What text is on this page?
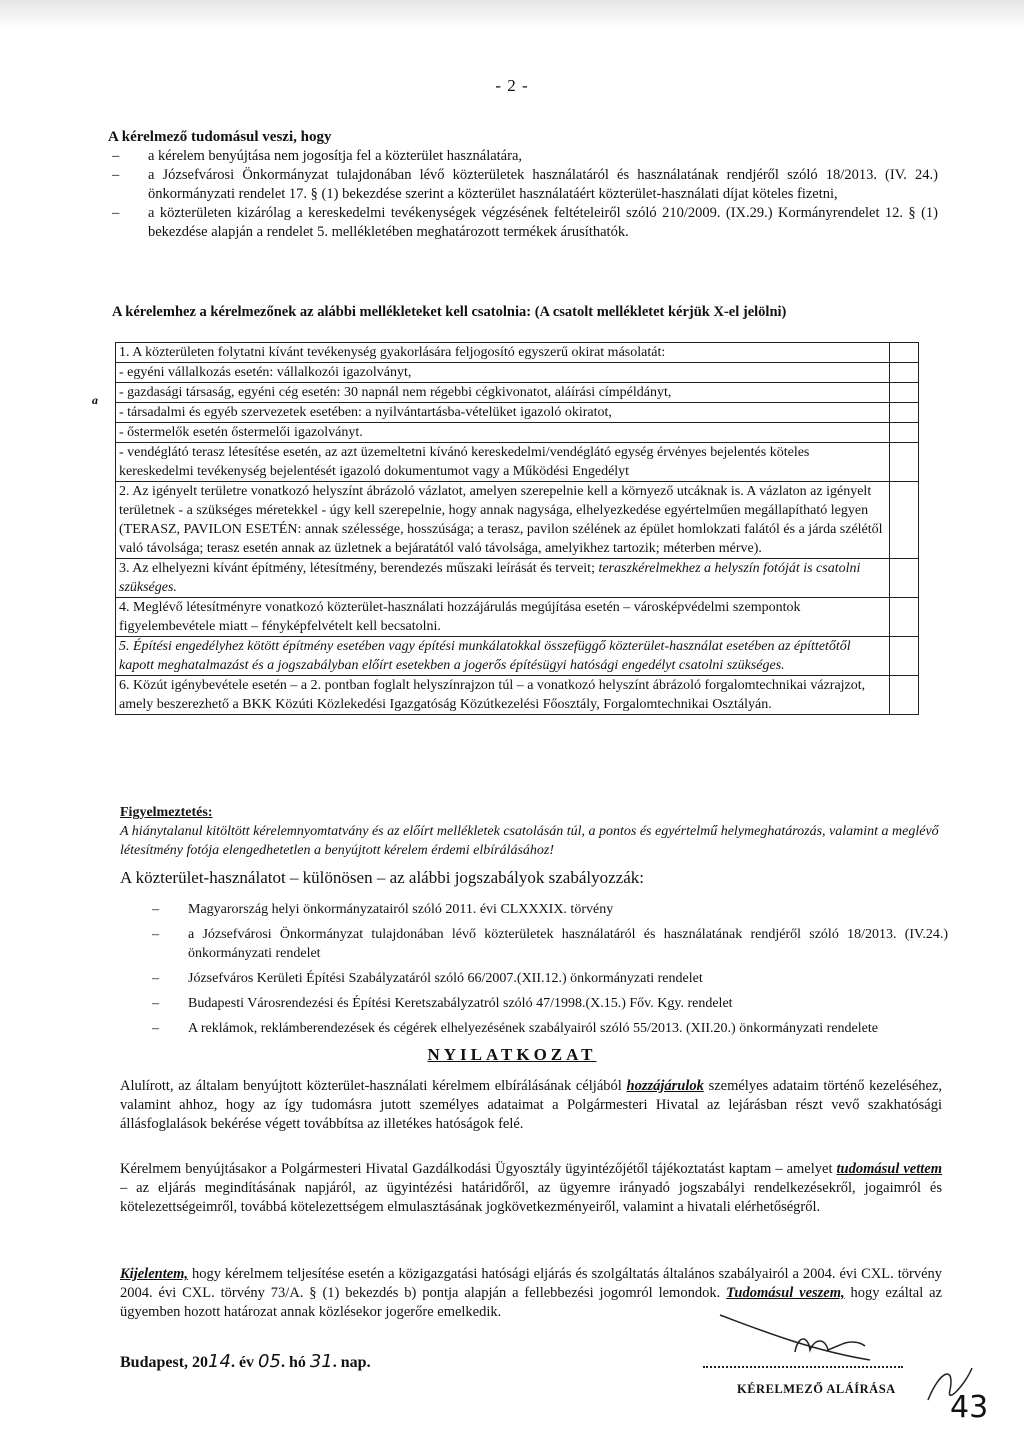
- 2 -
A kérelmező tudomásul veszi, hogy
– a kérelem benyújtása nem jogosítja fel a közterület használatára,
– a Józsefvárosi Önkormányzat tulajdonában lévő közterületek használatáról és használatának rendjéről szóló 18/2013. (IV. 24.) önkormányzati rendelet 17. § (1) bekezdése szerint a közterület használatáért közterület-használati díjat köteles fizetni,
– a közterületen kizárólag a kereskedelmi tevékenységek végzésének feltételeiről szóló 210/2009. (IX.29.) Kormányrendelet 12. § (1) bekezdése alapján a rendelet 5. mellékletében meghatározott termékek árusíthatók.
A kérelemhez a kérelmezőnek az alábbi mellékleteket kell csatolnia: (A csatolt mellékletet kérjük X-el jelölni)
a
1. A közterületen folytatni kívánt tevékenység gyakorlására feljogosító egyszerű okirat másolatát:	
- egyéni vállalkozás esetén: vállalkozói igazolványt,	
- gazdasági társaság, egyéni cég esetén: 30 napnál nem régebbi cégkivonatot, aláírási címpéldányt,	
- társadalmi és egyéb szervezetek esetében: a nyilvántartásba-vételüket igazoló okiratot,	
- őstermelők esetén őstermelői igazolványt.	
- vendéglátó terasz létesítése esetén, az azt üzemeltetni kívánó kereskedelmi/vendéglátó egység érvényes bejelentés köteles kereskedelmi tevékenység bejelentését igazoló dokumentumot vagy a Működési Engedélyt	
2. Az igényelt területre vonatkozó helyszínt ábrázoló vázlatot, amelyen szerepelnie kell a környező utcáknak is. A vázlaton az igényelt területnek - a szükséges méretekkel - úgy kell szerepelnie, hogy annak nagysága, elhelyezkedése egyértelműen megállapítható legyen (TERASZ, PAVILON ESETÉN: annak szélessége, hosszúsága; a terasz, pavilon szélének az épület homlokzati falától és a járda szélétől való távolsága; terasz esetén annak az üzletnek a bejáratától való távolsága, amelyikhez tartozik; méterben mérve).	
3. Az elhelyezni kívánt építmény, létesítmény, berendezés műszaki leírását és terveit; teraszkérelmekhez a helyszín fotóját is csatolni szükséges.	
4. Meglévő létesítményre vonatkozó közterület-használati hozzájárulás megújítása esetén – városképvédelmi szempontok figyelembevétele miatt – fényképfelvételt kell becsatolni.	
5. Építési engedélyhez kötött építmény esetében vagy építési munkálatokkal összefüggő közterület-használat esetében az építtetőtől kapott meghatalmazást és a jogszabályban előírt esetekben a jogerős építésügyi hatósági engedélyt csatolni szükséges.	
6. Közút igénybevétele esetén – a 2. pontban foglalt helyszínrajzon túl – a vonatkozó helyszínt ábrázoló forgalomtechnikai vázrajzot, amely beszerezhető a BKK Közúti Közlekedési Igazgatóság Közútkezelési Főosztály, Forgalomtechnikai Osztályán.	
Figyelmeztetés:
A hiánytalanul kitöltött kérelemnyomtatvány és az előírt mellékletek csatolásán túl, a pontos és egyértelmű helymeghatározás, valamint a meglévő létesítmény fotója elengedhetetlen a benyújtott kérelem érdemi elbírálásához!
A közterület-használatot – különösen – az alábbi jogszabályok szabályozzák:
– Magyarország helyi önkormányzatairól szóló 2011. évi CLXXXIX. törvény
– a Józsefvárosi Önkormányzat tulajdonában lévő közterületek használatáról és használatának rendjéről szóló 18/2013. (IV.24.) önkormányzati rendelet
– Józsefváros Kerületi Építési Szabályzatáról szóló 66/2007.(XII.12.) önkormányzati rendelet
– Budapesti Városrendezési és Építési Keretszabályzatról szóló 47/1998.(X.15.) Főv. Kgy. rendelet
– A reklámok, reklámberendezések és cégérek elhelyezésének szabályairól szóló 55/2013. (XII.20.) önkormányzati rendelete
NYILATKOZAT
Alulírott, az általam benyújtott közterület-használati kérelmem elbírálásának céljából hozzájárulok személyes adataim történő kezeléséhez, valamint ahhoz, hogy az így tudomásra jutott személyes adataimat a Polgármesteri Hivatal az lejárásban részt vevő szakhatósági állásfoglalások bekérése végett továbbítsa az illetékes hatóságok felé.
Kérelmem benyújtásakor a Polgármesteri Hivatal Gazdálkodási Ügyosztály ügyintézőjétől tájékoztatást kaptam – amelyet tudomásul vettem – az eljárás megindításának napjáról, az ügyintézési határidőről, az ügyemre irányadó jogszabályi rendelkezésekről, jogaimról és kötelezettségeimről, továbbá kötelezettségem elmulasztásának jogkövetkezményeiről, valamint a hivatali elérhetőségről.
Kijelentem, hogy kérelmem teljesítése esetén a közigazgatási hatósági eljárás és szolgáltatás általános szabályairól a 2004. évi CXL. törvény 2004. évi CXL. törvény 73/A. § (1) bekezdés b) pontja alapján a fellebbezési jogomról lemondok. Tudomásul veszem, hogy ezáltal az ügyemben hozott határozat annak közlésekor jogerőre emelkedik.
Budapest, 2014. év 05. hó 31. nap.
KÉRELMEZŐ ALÁÍRÁSA
43
